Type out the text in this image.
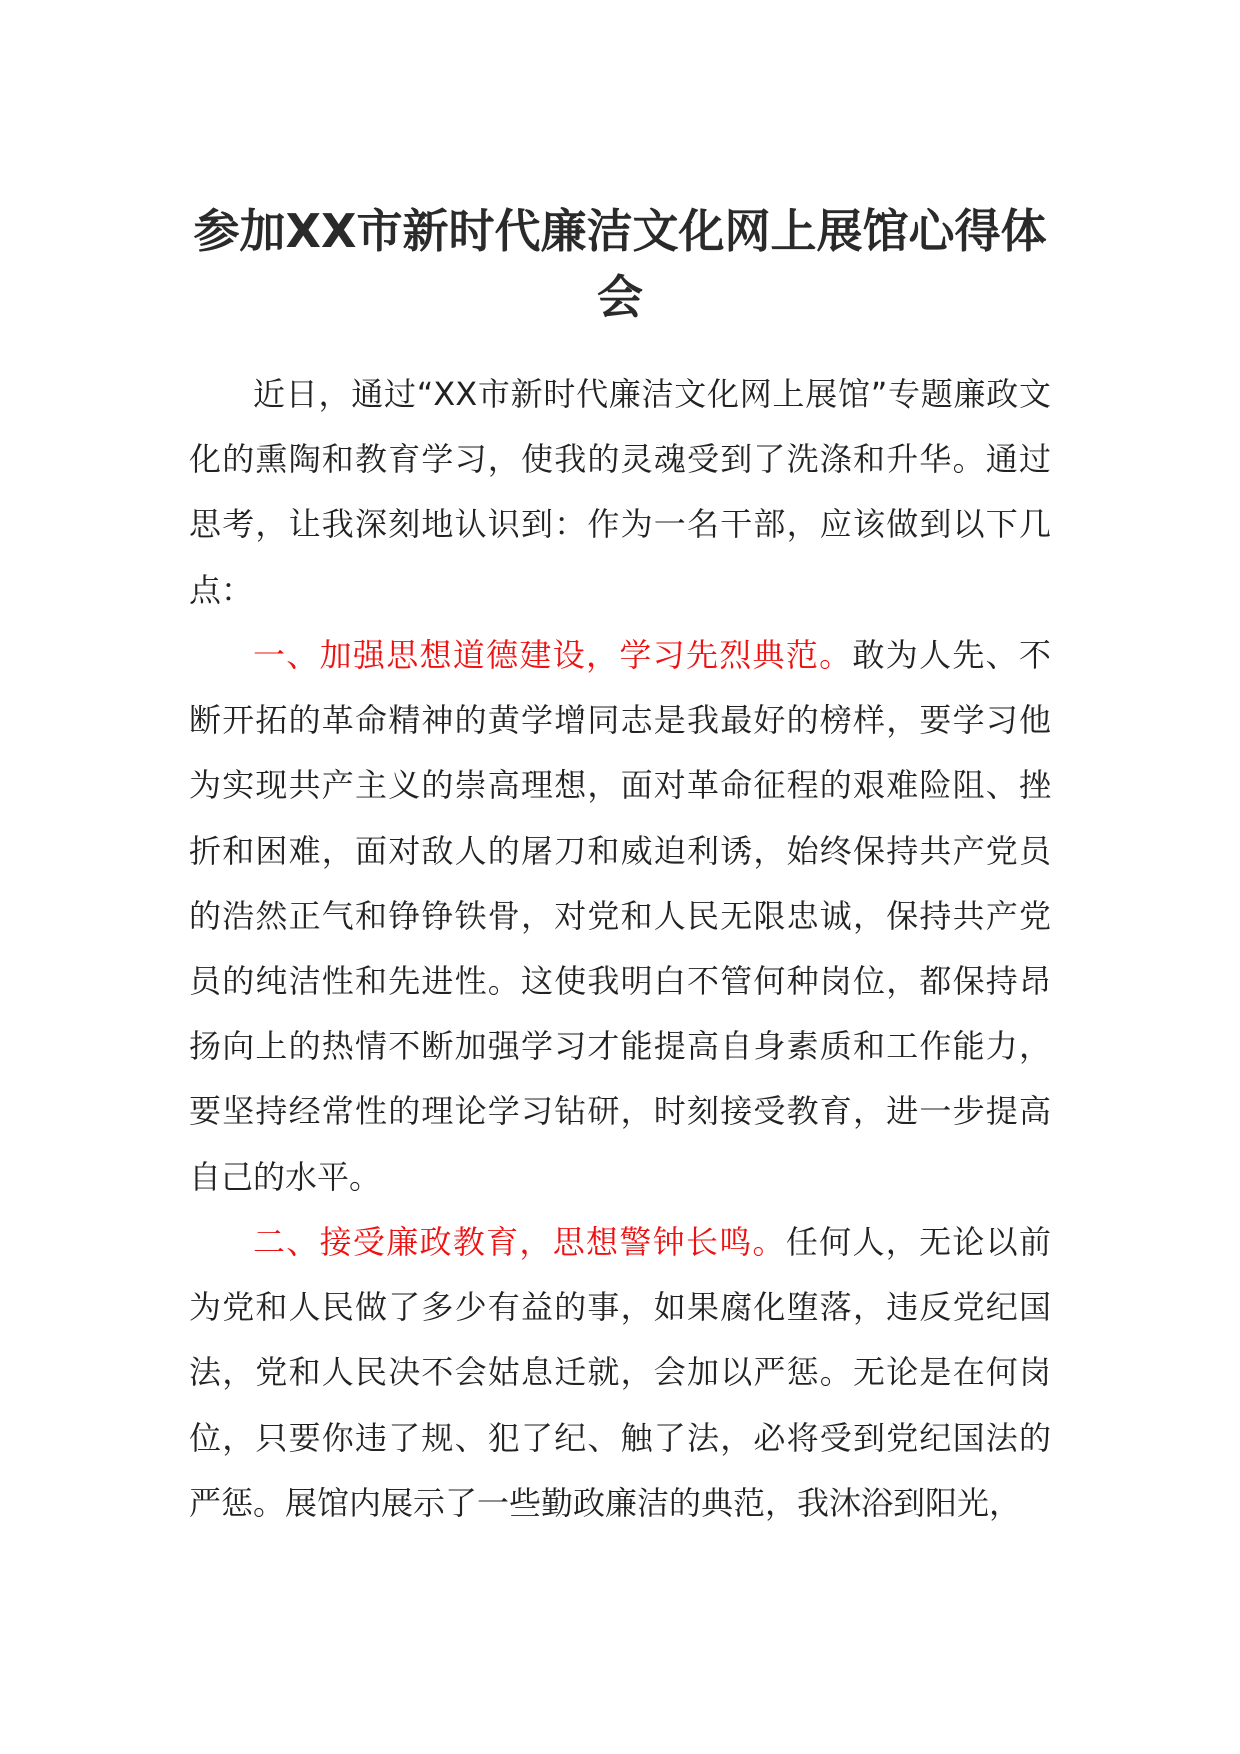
参加XX市新时代廉洁文化网上展馆心得体会

近日，通过“XX市新时代廉洁文化网上展馆”专题廉政文化的熏陶和教育学习，使我的灵魂受到了洗涤和升华。通过思考，让我深刻地认识到：作为一名干部，应该做到以下几点：

一、加强思想道德建设，学习先烈典范。敢为人先、不断开拓的革命精神的黄学增同志是我最好的榜样，要学习他为实现共产主义的崇高理想，面对革命征程的艰难险阻、挫折和困难，面对敌人的屠刀和威迫利诱，始终保持共产党员的浩然正气和铮铮铁骨，对党和人民无限忠诚，保持共产党员的纯洁性和先进性。这使我明白不管何种岗位，都保持昂扬向上的热情不断加强学习才能提高自身素质和工作能力，要坚持经常性的理论学习钻研，时刻接受教育，进一步提高自己的水平。

二、接受廉政教育，思想警钟长鸣。任何人，无论以前为党和人民做了多少有益的事，如果腐化堕落，违反党纪国法，党和人民决不会姑息迁就，会加以严惩。无论是在何岗位，只要你违了规、犯了纪、触了法，必将受到党纪国法的严惩。展馆内展示了一些勤政廉洁的典范，我沐浴到阳光，
